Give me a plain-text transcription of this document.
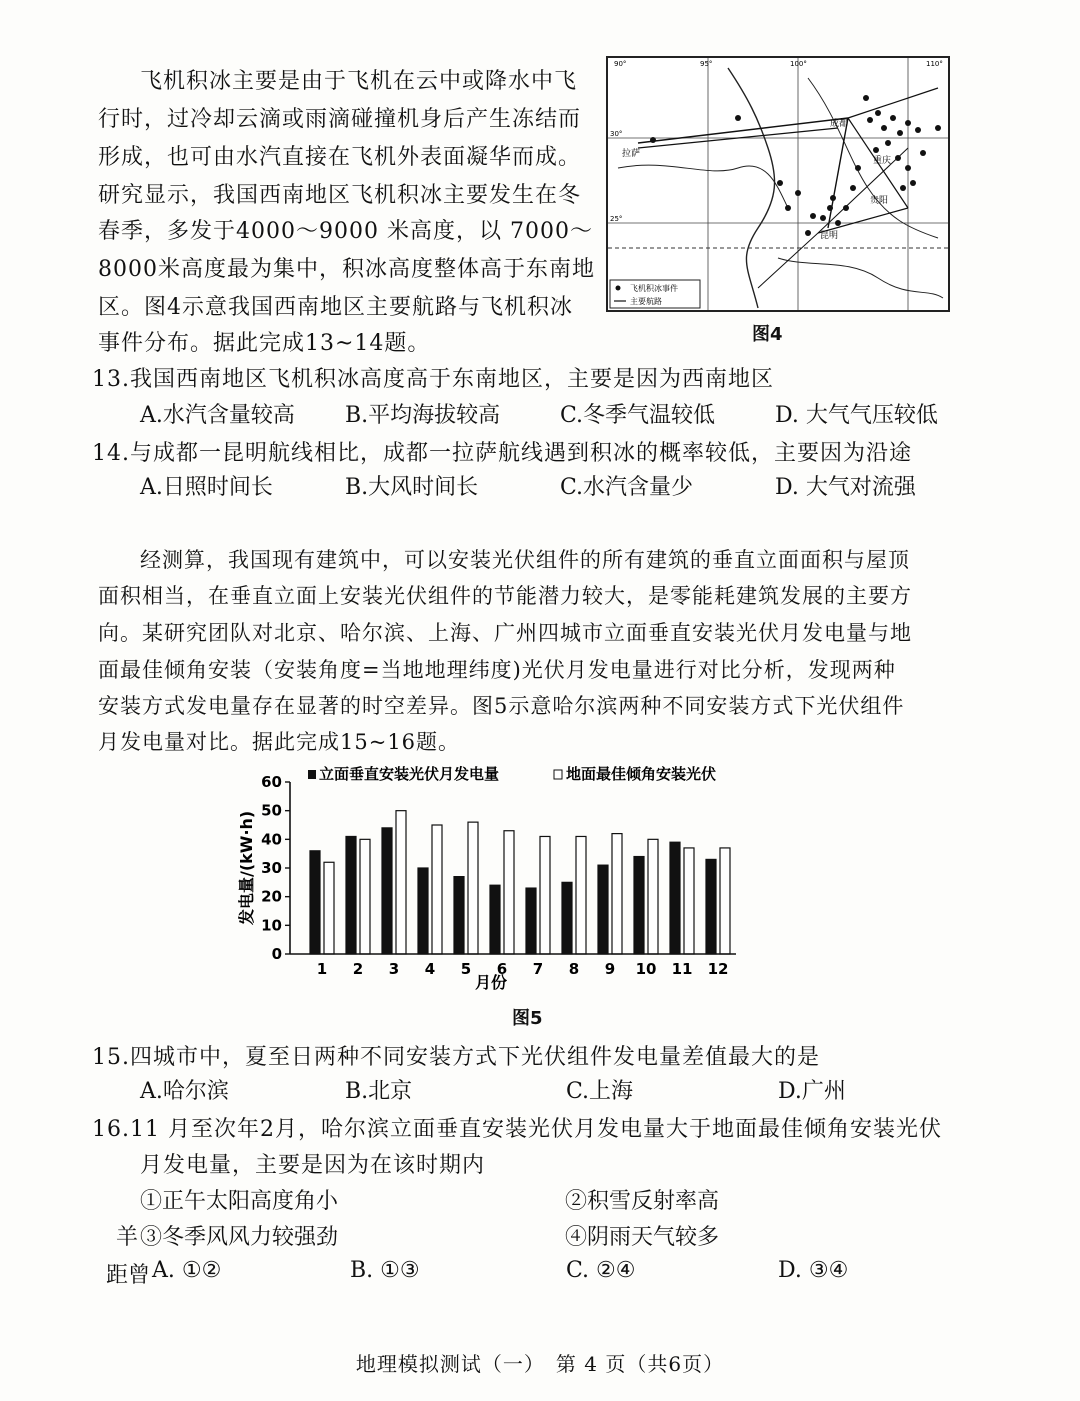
飞机积冰主要是由于飞机在云中或降水中飞
行时，过冷却云滴或雨滴碰撞机身后产生冻结而
形成，也可由水汽直接在飞机外表面凝华而成。
研究显示，我国西南地区飞机积冰主要发生在冬
春季，多发于4000～9000 米高度，以 7000～
8000米高度最为集中，积冰高度整体高于东南地
区。图4示意我国西南地区主要航路与飞机积冰
事件分布。据此完成13~14题。
飞机积冰事件
主要航路
拉萨
成都
重庆
贵阳
昆明
30°
25°
90°	95°	100°	110°
图4
13.我国西南地区飞机积冰高度高于东南地区，主要是因为西南地区
A.水汽含量较高 B.平均海拔较高	C.冬季气温较低	D. 大气气压较低
14.与成都一昆明航线相比，成都一拉萨航线遇到积冰的概率较低，主要因为沿途
A.日照时间长	B.大风时间长	C.水汽含量少	D. 大气对流强
经测算，我国现有建筑中，可以安装光伏组件的所有建筑的垂直立面面积与屋顶
面积相当，在垂直立面上安装光伏组件的节能潜力较大，是零能耗建筑发展的主要方
向。某研究团队对北京、哈尔滨、上海、广州四城市立面垂直安装光伏月发电量与地
面最佳倾角安装（安装角度=当地地理纬度)光伏月发电量进行对比分析，发现两种
安装方式发电量存在显著的时空差异。图5示意哈尔滨两种不同安装方式下光伏组件
月发电量对比。据此完成15~16题。
0
10
20
30
40
50
60
1 2 3 4 5 6 7 8 9 10 11 12
立面垂直安装光伏月发电量	地面最佳倾角安装光伏
发电量/(kW·h)
月份
图5
15.四城市中，夏至日两种不同安装方式下光伏组件发电量差值最大的是
A.哈尔滨	B.北京	C.上海	D.广州
16.11 月至次年2月，哈尔滨立面垂直安装光伏月发电量大于地面最佳倾角安装光伏
月发电量，主要是因为在该时期内
①正午太阳高度角小	②积雪反射率高
羊 ③冬季风风力较强劲	④阴雨天气较多
距曾 A. ①②	B. ①③	C. ②④	D. ③④
地理模拟测试（一）　第 4 页（共6页）
